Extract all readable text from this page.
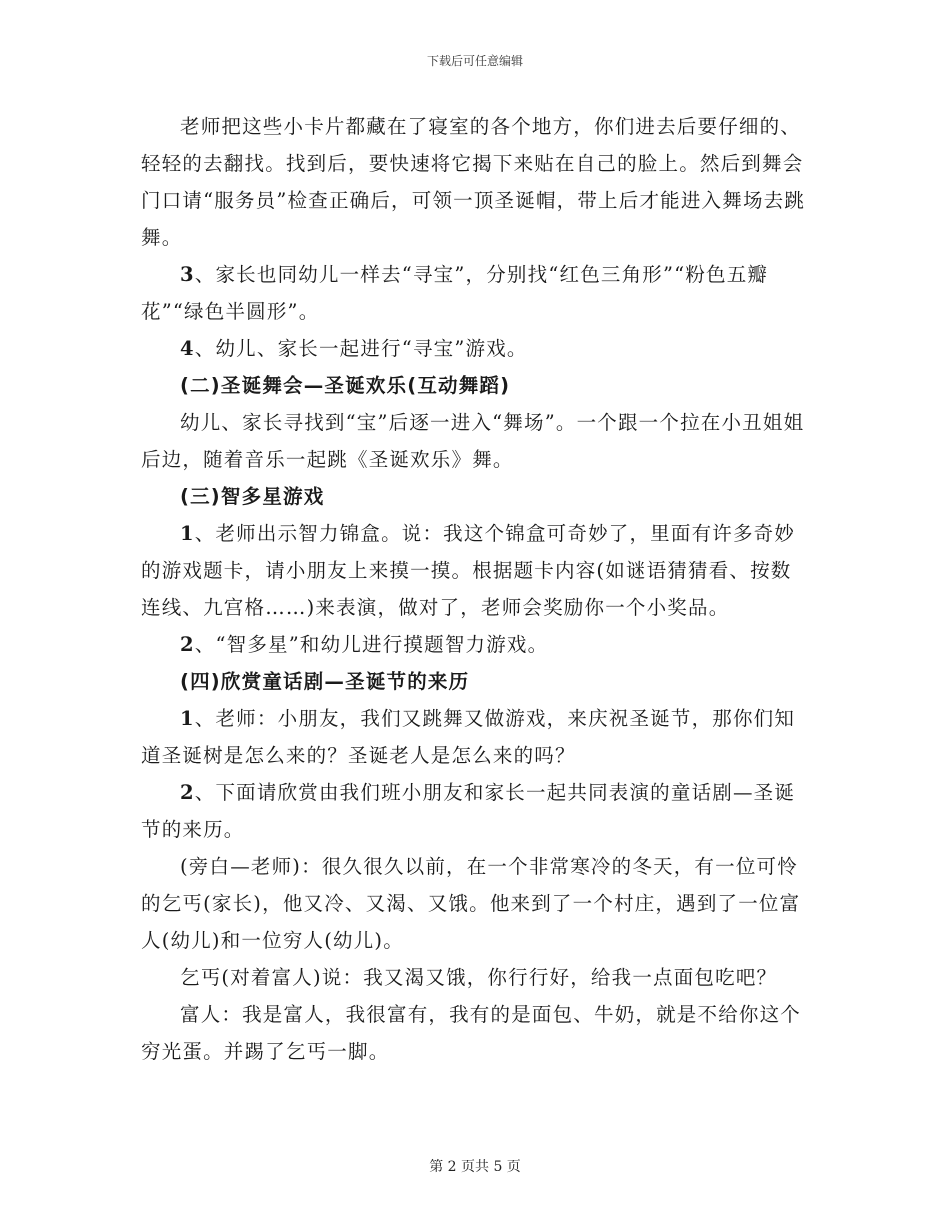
下载后可任意编辑

老师把这些小卡片都藏在了寝室的各个地方，你们进去后要仔细的、轻轻的去翻找。找到后，要快速将它揭下来贴在自己的脸上。然后到舞会门口请“服务员”检查正确后，可领一顶圣诞帽，带上后才能进入舞场去跳舞。

3、家长也同幼儿一样去“寻宝”，分别找“红色三角形”“粉色五瓣花”“绿色半圆形”。

4、幼儿、家长一起进行“寻宝”游戏。

(二)圣诞舞会—圣诞欢乐(互动舞蹈)

幼儿、家长寻找到“宝”后逐一进入“舞场”。一个跟一个拉在小丑姐姐后边，随着音乐一起跳《圣诞欢乐》舞。

(三)智多星游戏

1、老师出示智力锦盒。说：我这个锦盒可奇妙了，里面有许多奇妙的游戏题卡，请小朋友上来摸一摸。根据题卡内容(如谜语猜猜看、按数连线、九宫格……)来表演，做对了，老师会奖励你一个小奖品。

2、“智多星”和幼儿进行摸题智力游戏。

(四)欣赏童话剧—圣诞节的来历

1、老师：小朋友，我们又跳舞又做游戏，来庆祝圣诞节，那你们知道圣诞树是怎么来的？圣诞老人是怎么来的吗？

2、下面请欣赏由我们班小朋友和家长一起共同表演的童话剧—圣诞节的来历。

(旁白—老师)：很久很久以前，在一个非常寒冷的冬天，有一位可怜的乞丐(家长)，他又冷、又渴、又饿。他来到了一个村庄，遇到了一位富人(幼儿)和一位穷人(幼儿)。

乞丐(对着富人)说：我又渴又饿，你行行好，给我一点面包吃吧？

富人：我是富人，我很富有，我有的是面包、牛奶，就是不给你这个穷光蛋。并踢了乞丐一脚。

第 2 页共 5 页
